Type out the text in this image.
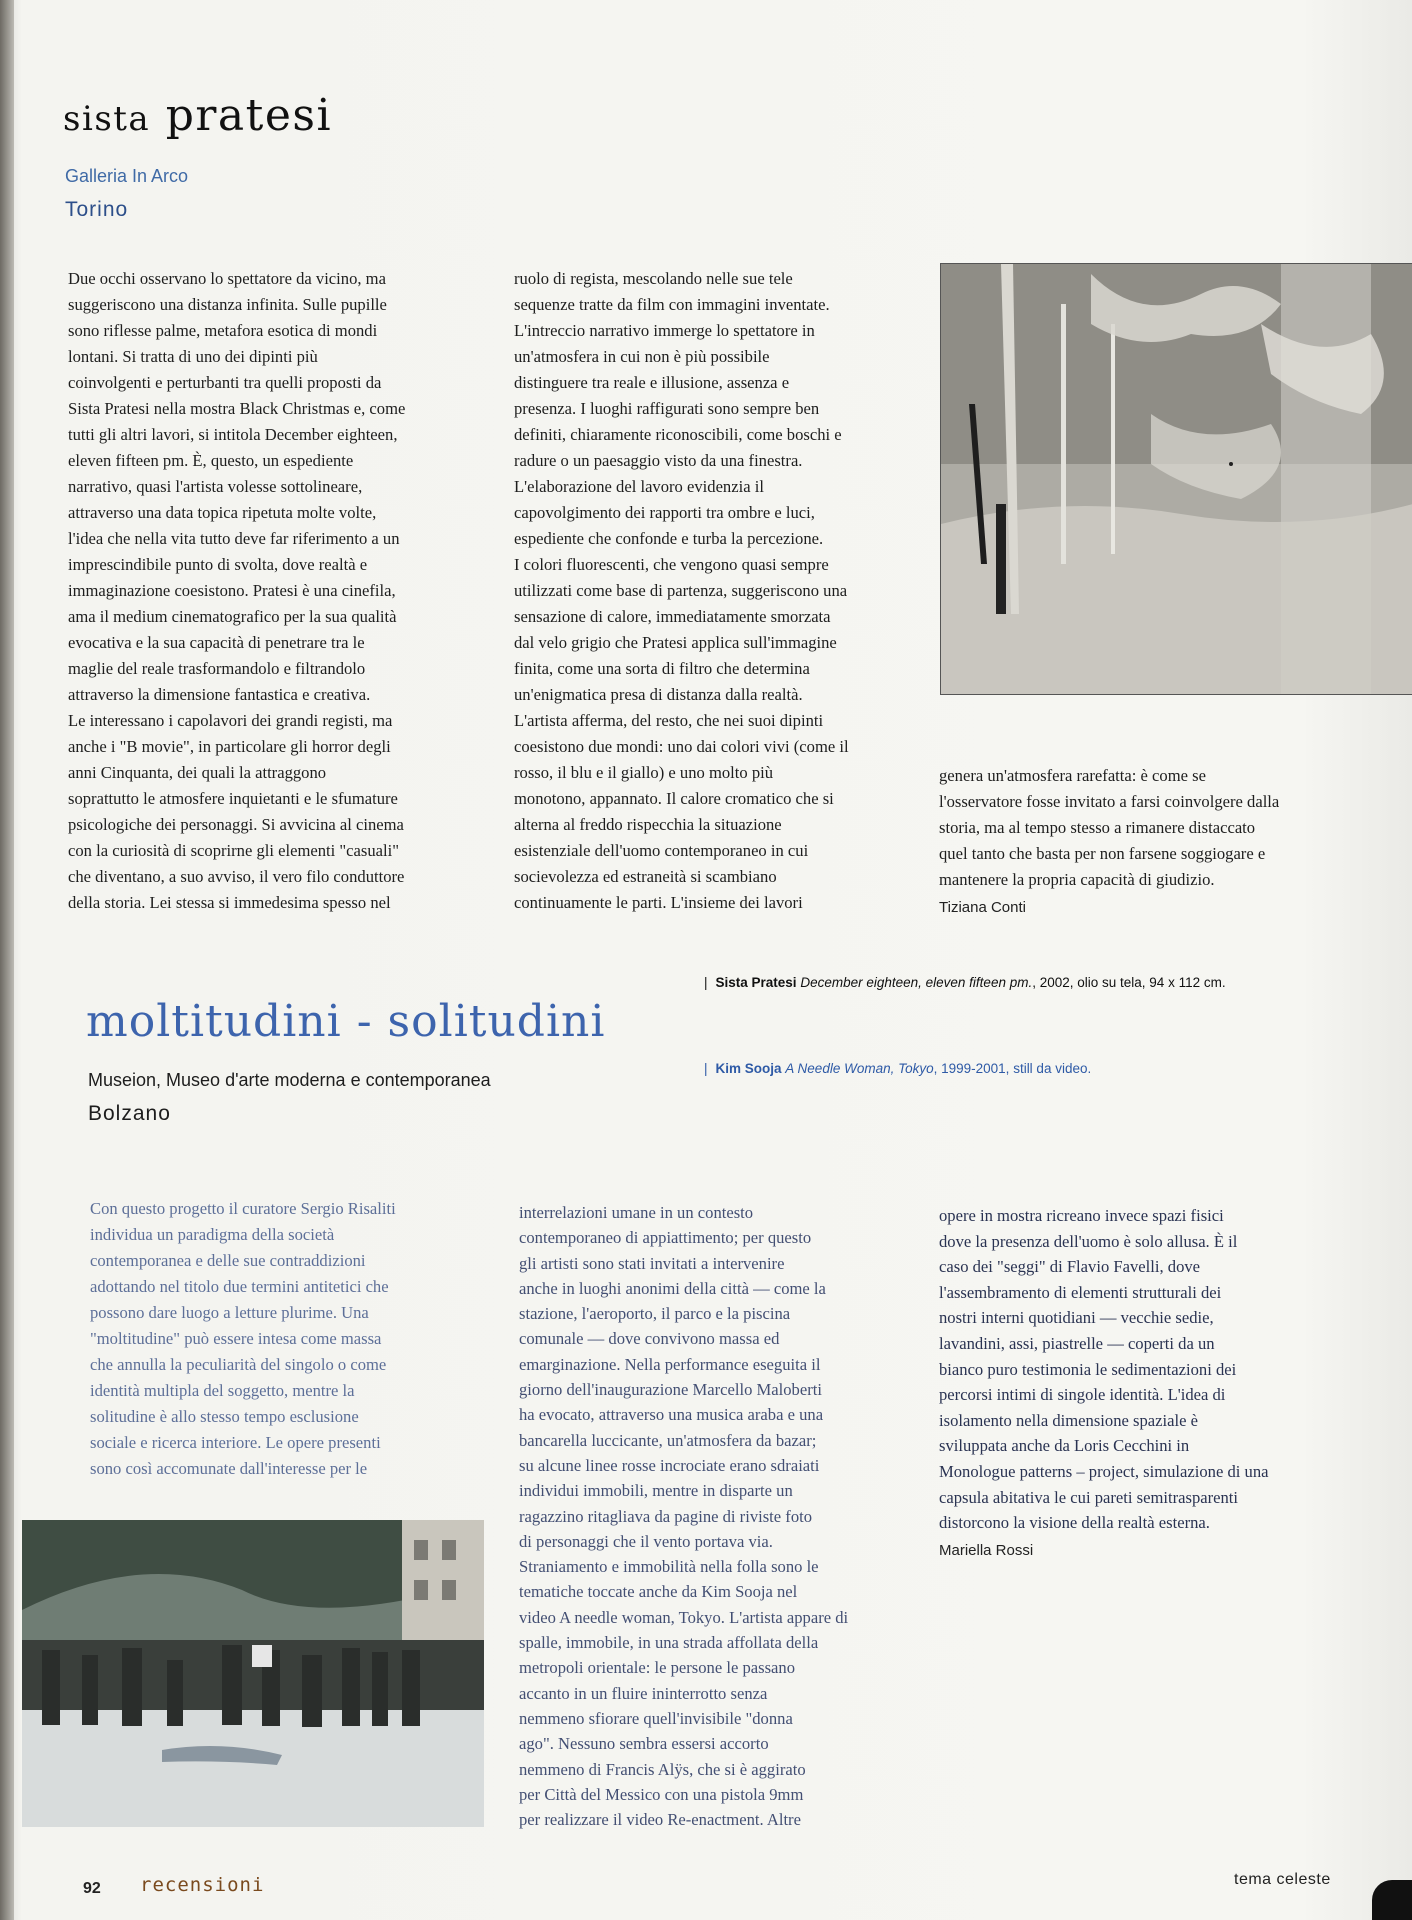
sista pratesi
Galleria In Arco
Torino

Due occhi osservano lo spettatore da vicino, ma

suggeriscono una distanza infinita. Sulle pupille

sono riflesse palme, metafora esotica di mondi

lontani. Si tratta di uno dei dipinti più

coinvolgenti e perturbanti tra quelli proposti da

Sista Pratesi nella mostra Black Christmas e, come

tutti gli altri lavori, si intitola December eighteen,

eleven fifteen pm. È, questo, un espediente

narrativo, quasi l'artista volesse sottolineare,

attraverso una data topica ripetuta molte volte,

l'idea che nella vita tutto deve far riferimento a un

imprescindibile punto di svolta, dove realtà e

immaginazione coesistono. Pratesi è una cinefila,

ama il medium cinematografico per la sua qualità

evocativa e la sua capacità di penetrare tra le

maglie del reale trasformandolo e filtrandolo

attraverso la dimensione fantastica e creativa.

Le interessano i capolavori dei grandi registi, ma

anche i "B movie", in particolare gli horror degli

anni Cinquanta, dei quali la attraggono

soprattutto le atmosfere inquietanti e le sfumature

psicologiche dei personaggi. Si avvicina al cinema

con la curiosità di scoprirne gli elementi "casuali"

che diventano, a suo avviso, il vero filo conduttore

della storia. Lei stessa si immedesima spesso nel

ruolo di regista, mescolando nelle sue tele

sequenze tratte da film con immagini inventate.

L'intreccio narrativo immerge lo spettatore in

un'atmosfera in cui non è più possibile

distinguere tra reale e illusione, assenza e

presenza. I luoghi raffigurati sono sempre ben

definiti, chiaramente riconoscibili, come boschi e

radure o un paesaggio visto da una finestra.

L'elaborazione del lavoro evidenzia il

capovolgimento dei rapporti tra ombre e luci,

espediente che confonde e turba la percezione.

I colori fluorescenti, che vengono quasi sempre

utilizzati come base di partenza, suggeriscono una

sensazione di calore, immediatamente smorzata

dal velo grigio che Pratesi applica sull'immagine

finita, come una sorta di filtro che determina

un'enigmatica presa di distanza dalla realtà.

L'artista afferma, del resto, che nei suoi dipinti

coesistono due mondi: uno dai colori vivi (come il

rosso, il blu e il giallo) e uno molto più

monotono, appannato. Il calore cromatico che si

alterna al freddo rispecchia la situazione

esistenziale dell'uomo contemporaneo in cui

socievolezza ed estraneità si scambiano

continuamente le parti. L'insieme dei lavori

genera un'atmosfera rarefatta: è come se

l'osservatore fosse invitato a farsi coinvolgere dalla

storia, ma al tempo stesso a rimanere distaccato

quel tanto che basta per non farsene soggiogare e

mantenere la propria capacità di giudizio.

Tiziana Conti
| Sista Pratesi December eighteen, eleven fifteen pm., 2002, olio su tela, 94 x 112 cm.
| Kim Sooja A Needle Woman, Tokyo, 1999-2001, still da video.
moltitudini - solitudini
Museion, Museo d'arte moderna e contemporanea
Bolzano

Con questo progetto il curatore Sergio Risaliti

individua un paradigma della società

contemporanea e delle sue contraddizioni

adottando nel titolo due termini antitetici che

possono dare luogo a letture plurime. Una

"moltitudine" può essere intesa come massa

che annulla la peculiarità del singolo o come

identità multipla del soggetto, mentre la

solitudine è allo stesso tempo esclusione

sociale e ricerca interiore. Le opere presenti

sono così accomunate dall'interesse per le

interrelazioni umane in un contesto

contemporaneo di appiattimento; per questo

gli artisti sono stati invitati a intervenire

anche in luoghi anonimi della città — come la

stazione, l'aeroporto, il parco e la piscina

comunale — dove convivono massa ed

emarginazione. Nella performance eseguita il

giorno dell'inaugurazione Marcello Maloberti

ha evocato, attraverso una musica araba e una

bancarella luccicante, un'atmosfera da bazar;

su alcune linee rosse incrociate erano sdraiati

individui immobili, mentre in disparte un

ragazzino ritagliava da pagine di riviste foto

di personaggi che il vento portava via.

Straniamento e immobilità nella folla sono le

tematiche toccate anche da Kim Sooja nel

video A needle woman, Tokyo. L'artista appare di

spalle, immobile, in una strada affollata della

metropoli orientale: le persone le passano

accanto in un fluire ininterrotto senza

nemmeno sfiorare quell'invisibile "donna

ago". Nessuno sembra essersi accorto

nemmeno di Francis Alÿs, che si è aggirato

per Città del Messico con una pistola 9mm

per realizzare il video Re-enactment. Altre

opere in mostra ricreano invece spazi fisici

dove la presenza dell'uomo è solo allusa. È il

caso dei "seggi" di Flavio Favelli, dove

l'assembramento di elementi strutturali dei

nostri interni quotidiani — vecchie sedie,

lavandini, assi, piastrelle — coperti da un

bianco puro testimonia le sedimentazioni dei

percorsi intimi di singole identità. L'idea di

isolamento nella dimensione spaziale è

sviluppata anche da Loris Cecchini in

Monologue patterns – project, simulazione di una

capsula abitativa le cui pareti semitrasparenti

distorcono la visione della realtà esterna.

Mariella Rossi
92 recensioni	tema celeste
